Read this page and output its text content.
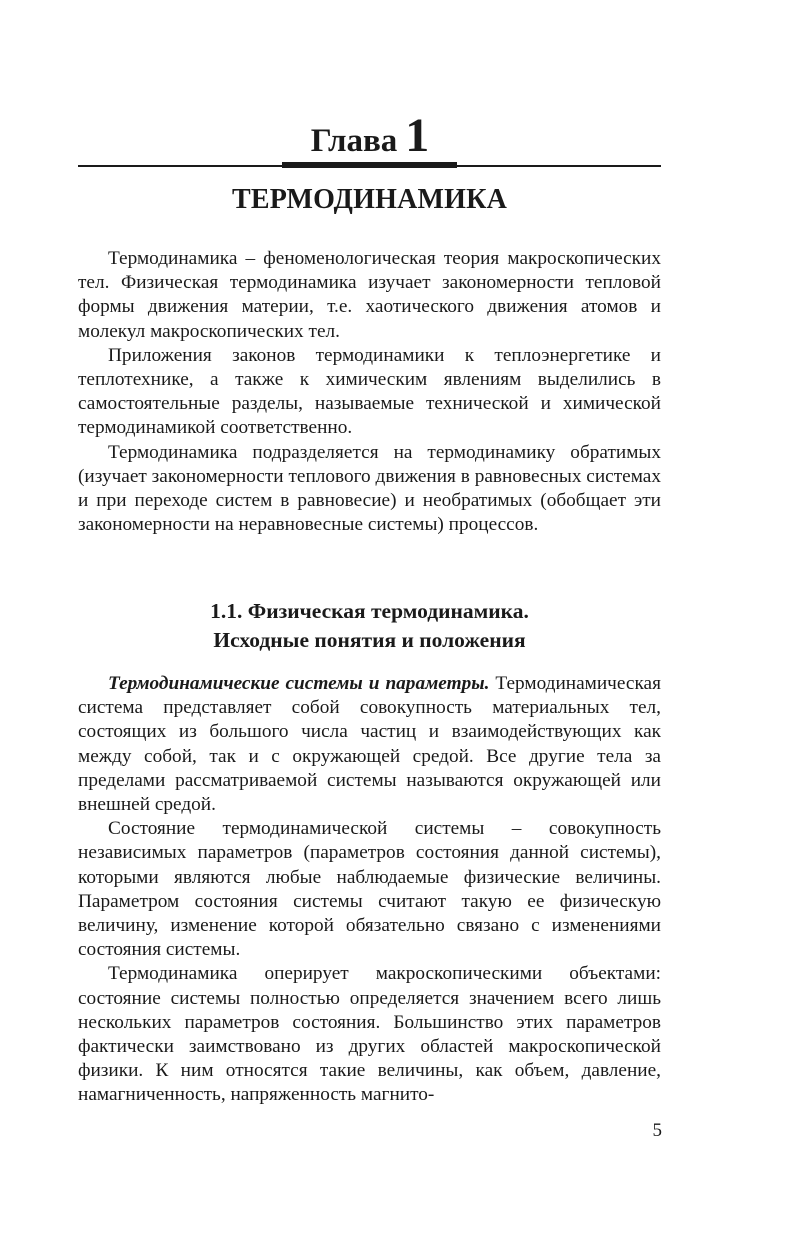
Глава 1
ТЕРМОДИНАМИКА

Термодинамика – феноменологическая теория макроскопических тел. Физическая термодинамика изучает закономерности тепловой формы движения материи, т.е. хаотического движения атомов и молекул макроскопических тел.

Приложения законов термодинамики к теплоэнергетике и теплотехнике, а также к химическим явлениям выделились в самостоятельные разделы, называемые технической и химической термодинамикой соответственно.

Термодинамика подразделяется на термодинамику обратимых (изучает закономерности теплового движения в равновесных системах и при переходе систем в равновесие) и необратимых (обобщает эти закономерности на неравновесные системы) процессов.

1.1. Физическая термодинамика.
Исходные понятия и положения

Термодинамические системы и параметры. Термодинамическая система представляет собой совокупность материальных тел, состоящих из большого числа частиц и взаимодействующих как между собой, так и с окружающей средой. Все другие тела за пределами рассматриваемой системы называются окружающей или внешней средой.

Состояние термодинамической системы – совокупность независимых параметров (параметров состояния данной системы), которыми являются любые наблюдаемые физические величины. Параметром состояния системы считают такую ее физическую величину, изменение которой обязательно связано с изменениями состояния системы.

Термодинамика оперирует макроскопическими объектами: состояние системы полностью определяется значением всего лишь нескольких параметров состояния. Большинство этих параметров фактически заимствовано из других областей макроскопической физики. К ним относятся такие величины, как объем, давление, намагниченность, напряженность магнито-

5
